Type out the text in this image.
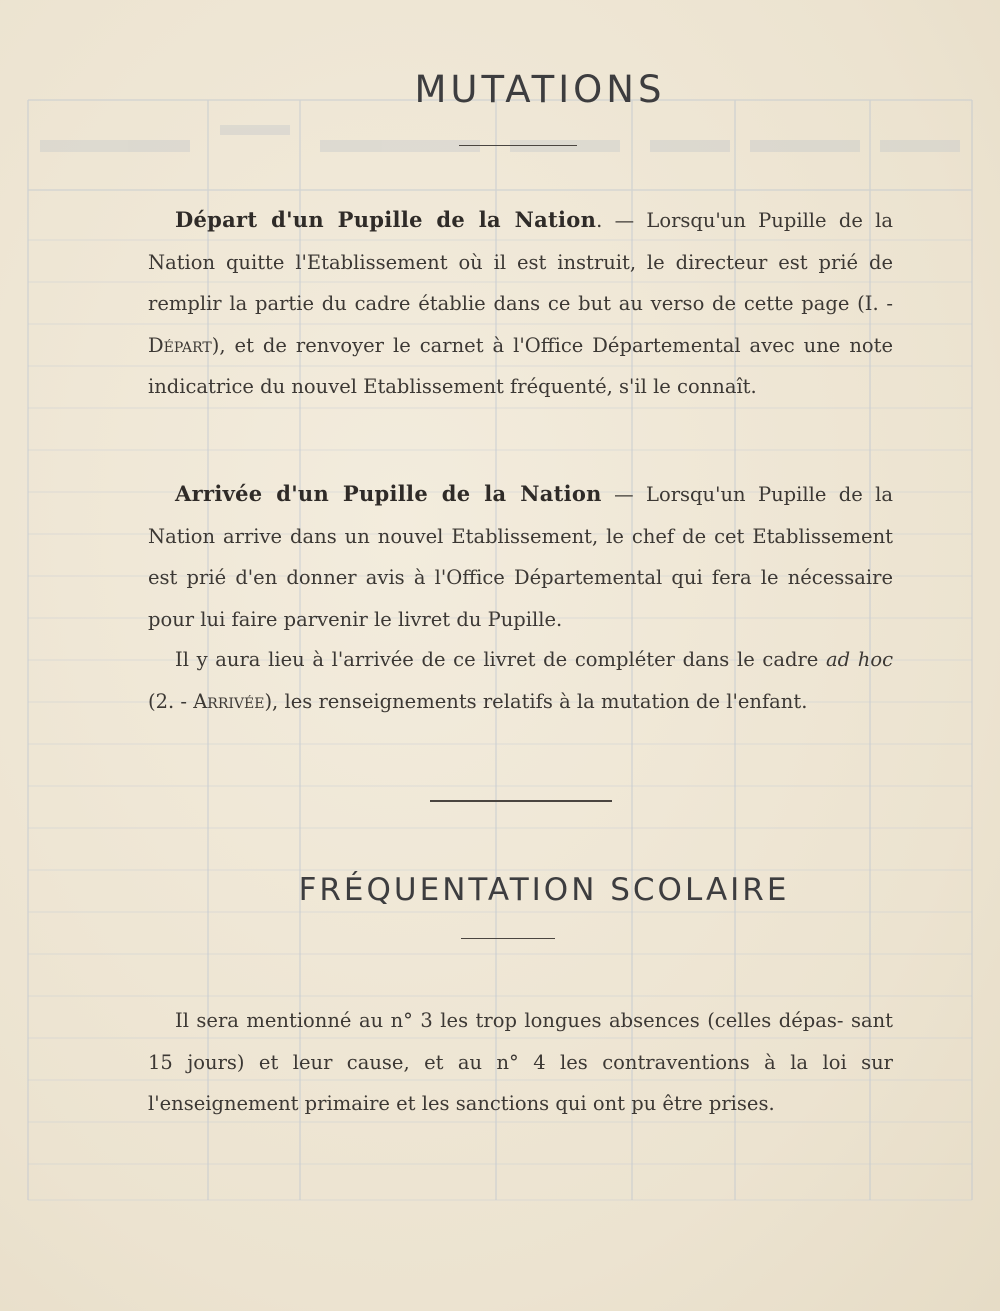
MUTATIONS

Départ d'un Pupille de la Nation. — Lorsqu'un Pupille de la Nation quitte l'Etablissement où il est instruit, le directeur est prié de remplir la partie du cadre établie dans ce but au verso de cette page (I. - Départ), et de renvoyer le carnet à l'Office Départemental avec une note indicatrice du nouvel Etablissement fréquenté, s'il le connaît.

Arrivée d'un Pupille de la Nation — Lorsqu'un Pupille de la Nation arrive dans un nouvel Etablissement, le chef de cet Etablissement est prié d'en donner avis à l'Office Départemental qui fera le nécessaire pour lui faire parvenir le livret du Pupille.

Il y aura lieu à l'arrivée de ce livret de compléter dans le cadre ad hoc (2. - Arrivée), les renseignements relatifs à la mutation de l'enfant.

FRÉQUENTATION SCOLAIRE

Il sera mentionné au n° 3 les trop longues absences (celles dépas- sant 15 jours) et leur cause, et au n° 4 les contraventions à la loi sur l'enseignement primaire et les sanctions qui ont pu être prises.
